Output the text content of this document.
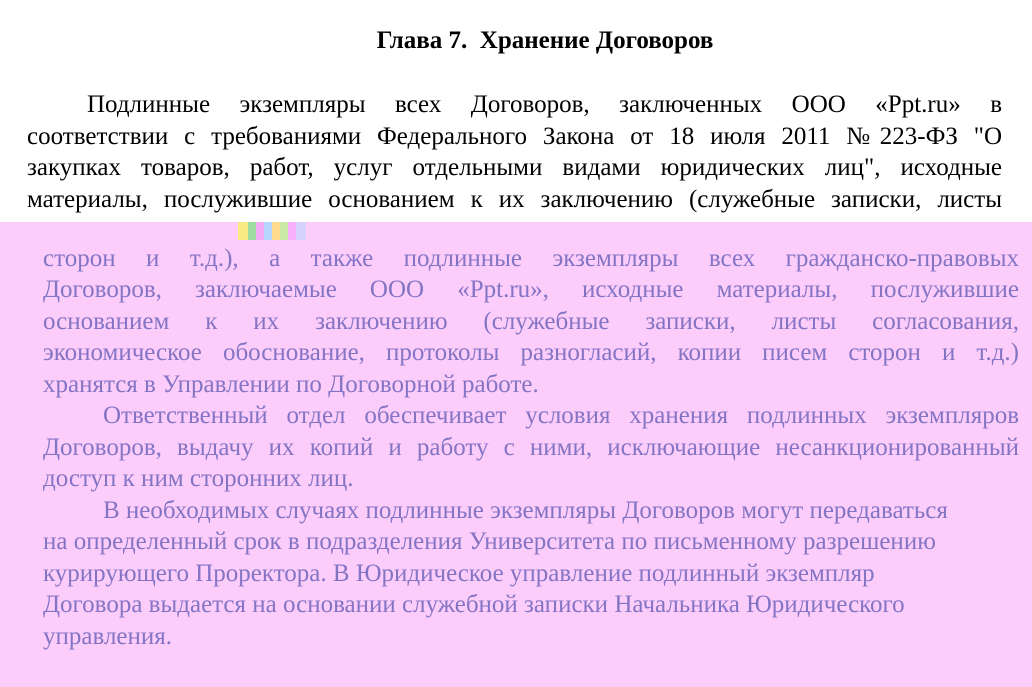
Глава 7.  Хранение Договоров
Подлинные экземпляры всех Договоров, заключенных ООО «Ppt.ru» в
соответствии с требованиями Федерального Закона от 18 июля 2011 №223-ФЗ "О
закупках товаров, работ, услуг отдельными видами юридических лиц", исходные
материалы, послужившие основанием к их заключению (служебные записки, листы
сторон и т.д.), а также подлинные экземпляры всех гражданско-правовых
Договоров, заключаемые ООО «Ppt.ru», исходные материалы, послужившие
основанием к их заключению (служебные записки, листы согласования,
экономическое обоснование, протоколы разногласий, копии писем сторон и т.д.)
хранятся в Управлении по Договорной работе.
Ответственный отдел обеспечивает условия хранения подлинных экземпляров
Договоров, выдачу их копий и работу с ними, исключающие несанкционированный
доступ к ним сторонних лиц.
В необходимых случаях подлинные экземпляры Договоров могут передаваться
на определенный срок в подразделения Университета по письменному разрешению
курирующего Проректора. В Юридическое управление подлинный экземпляр
Договора выдается на основании служебной записки Начальника Юридического
управления.
